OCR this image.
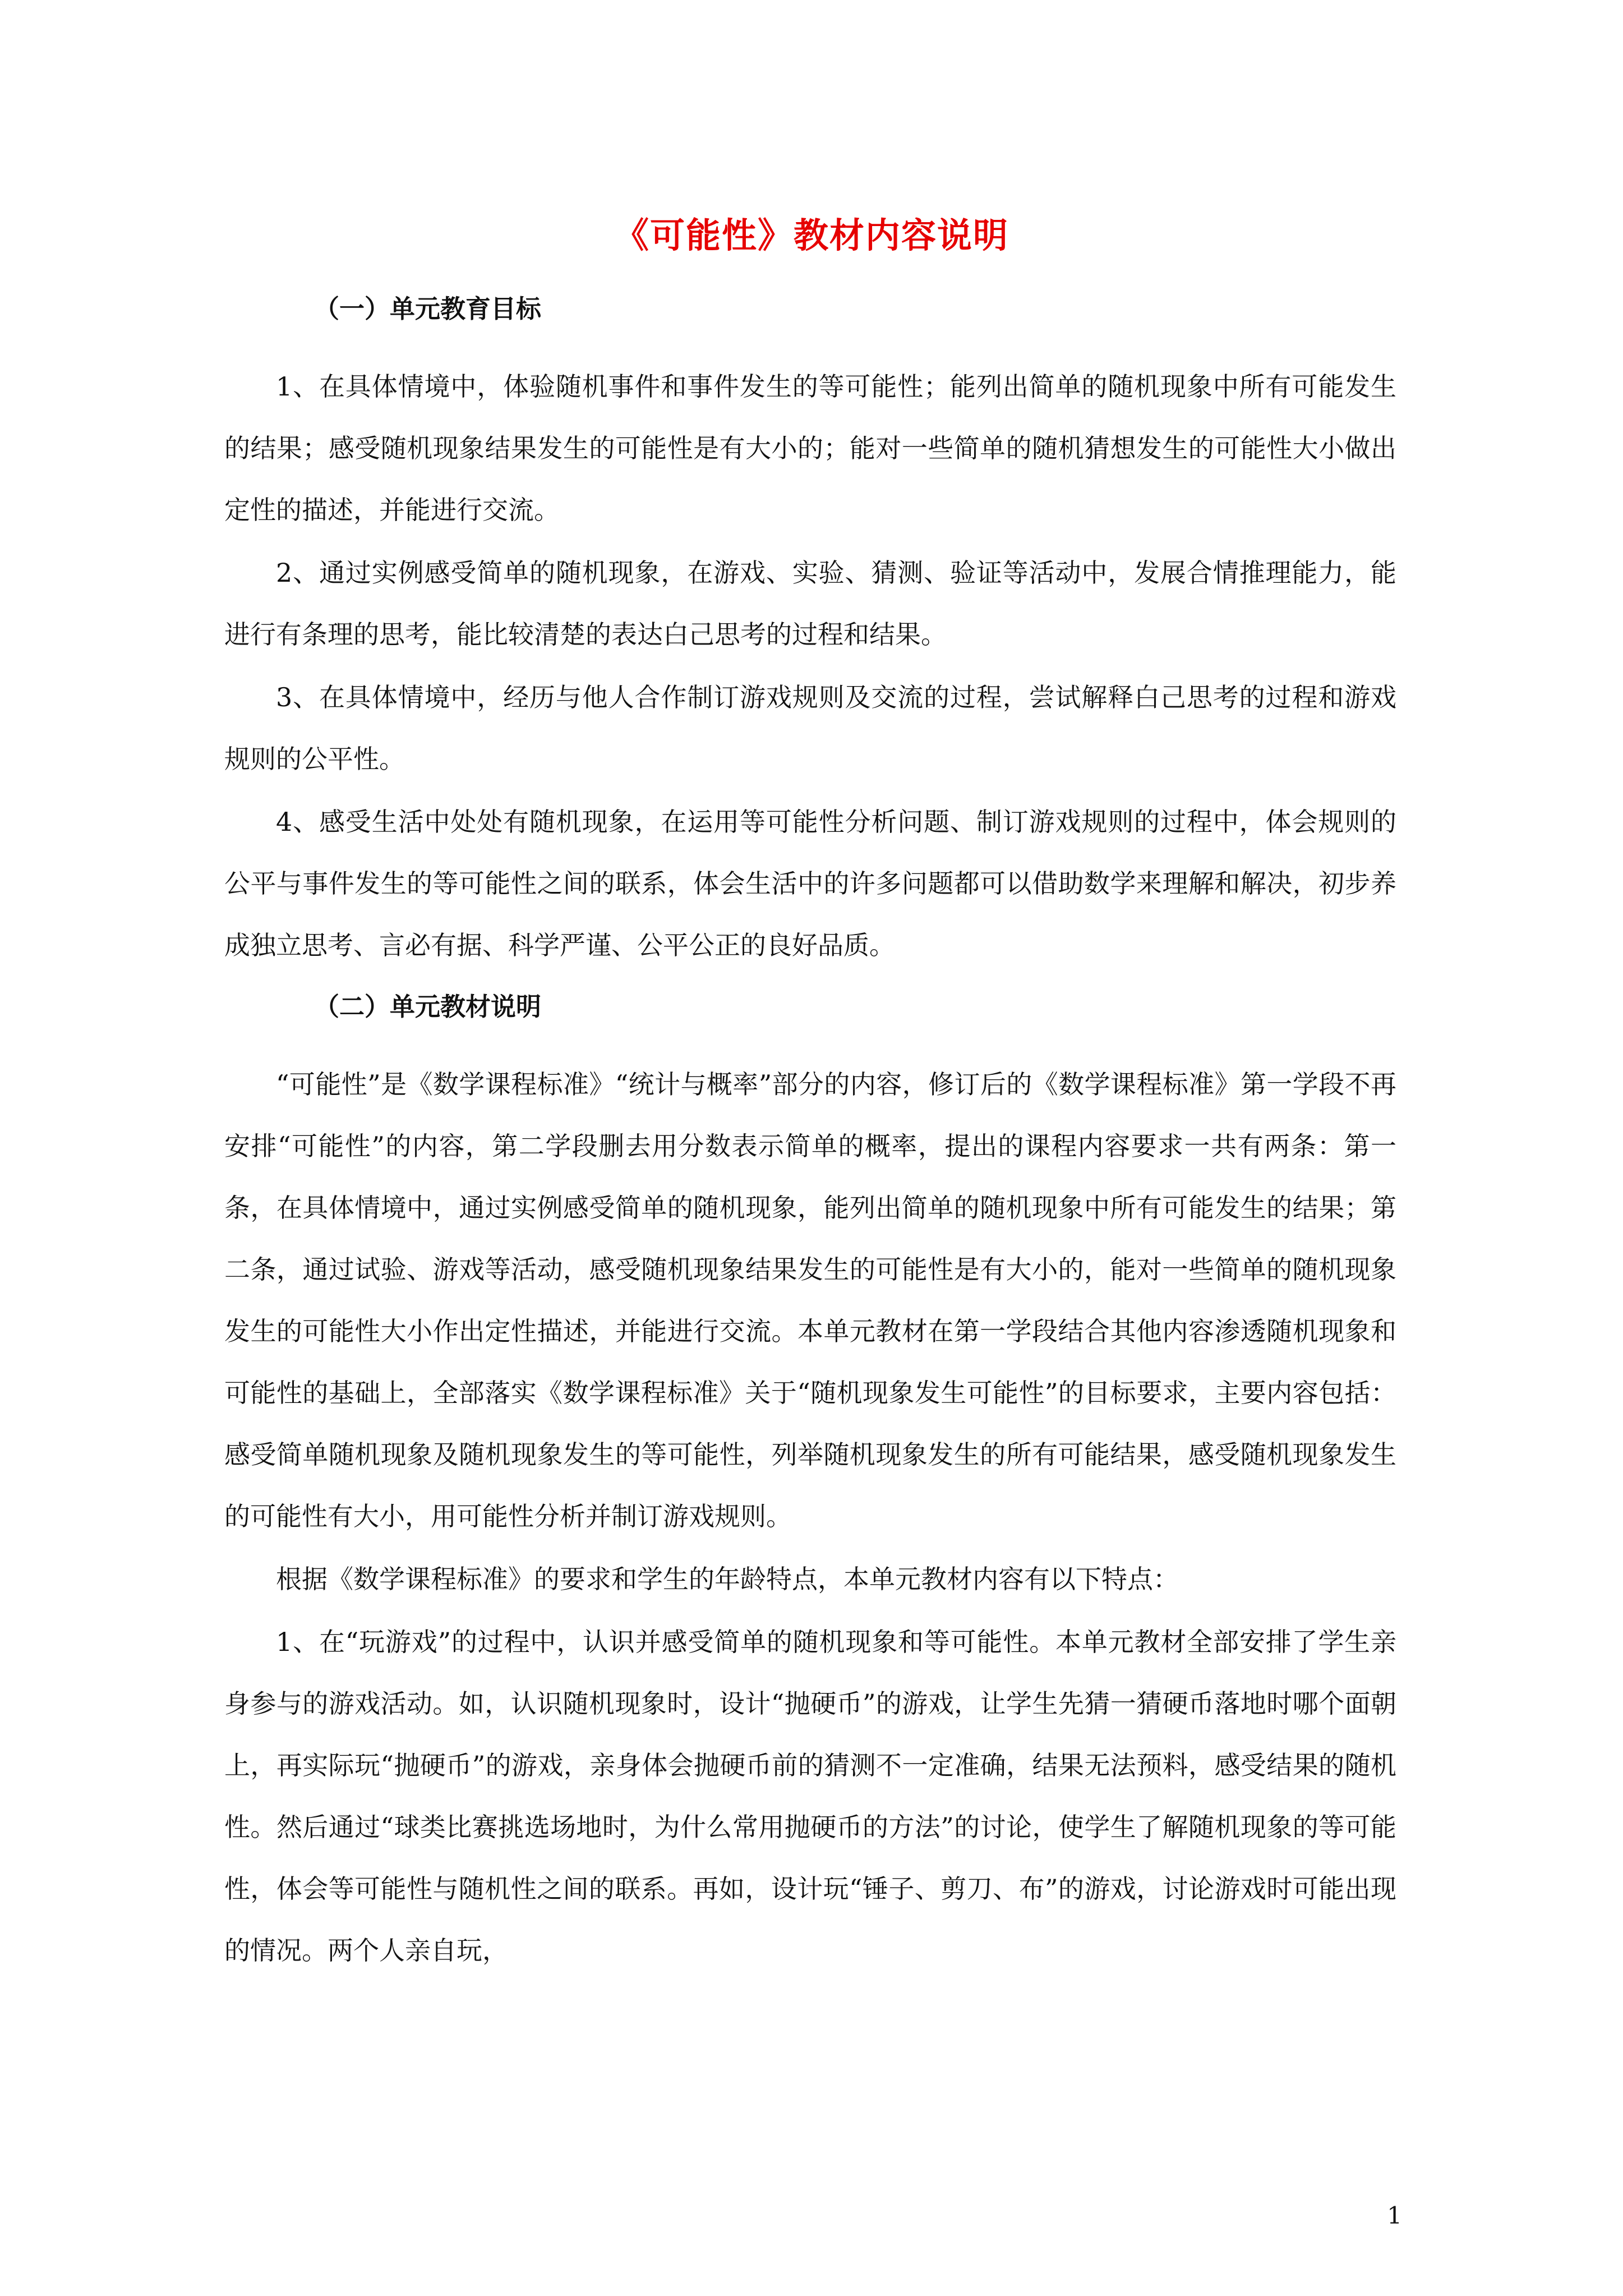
《可能性》教材内容说明

（一）单元教育目标

1、在具体情境中，体验随机事件和事件发生的等可能性；能列出简单的随机现象中所有可能发生的结果；感受随机现象结果发生的可能性是有大小的；能对一些简单的随机猜想发生的可能性大小做出定性的描述，并能进行交流。

2、通过实例感受简单的随机现象，在游戏、实验、猜测、验证等活动中，发展合情推理能力，能进行有条理的思考，能比较清楚的表达白己思考的过程和结果。

3、在具体情境中，经历与他人合作制订游戏规则及交流的过程，尝试解释白己思考的过程和游戏规则的公平性。

4、感受生活中处处有随机现象，在运用等可能性分析问题、制订游戏规则的过程中，体会规则的公平与事件发生的等可能性之间的联系，体会生活中的许多问题都可以借助数学来理解和解决，初步养成独立思考、言必有据、科学严谨、公平公正的良好品质。

（二）单元教材说明

“可能性”是《数学课程标准》“统计与概率”部分的内容，修订后的《数学课程标准》第一学段不再安排“可能性”的内容，第二学段删去用分数表示简单的概率，提出的课程内容要求一共有两条：第一条，在具体情境中，通过实例感受简单的随机现象，能列出简单的随机现象中所有可能发生的结果；第二条，通过试验、游戏等活动，感受随机现象结果发生的可能性是有大小的，能对一些简单的随机现象发生的可能性大小作出定性描述，并能进行交流。本单元教材在第一学段结合其他内容渗透随机现象和可能性的基础上，全部落实《数学课程标准》关于“随机现象发生可能性”的目标要求，主要内容包括：感受简单随机现象及随机现象发生的等可能性，列举随机现象发生的所有可能结果，感受随机现象发生的可能性有大小，用可能性分析并制订游戏规则。

根据《数学课程标准》的要求和学生的年龄特点，本单元教材内容有以下特点：

1、在“玩游戏”的过程中，认识并感受简单的随机现象和等可能性。本单元教材全部安排了学生亲身参与的游戏活动。如，认识随机现象时，设计“抛硬币”的游戏，让学生先猜一猜硬币落地时哪个面朝上，再实际玩“抛硬币”的游戏，亲身体会抛硬币前的猜测不一定准确，结果无法预料，感受结果的随机性。然后通过“球类比赛挑选场地时，为什么常用抛硬币的方法”的讨论，使学生了解随机现象的等可能性，体会等可能性与随机性之间的联系。再如，设计玩“锤子、剪刀、布”的游戏，讨论游戏时可能出现的情况。两个人亲自玩，

1
